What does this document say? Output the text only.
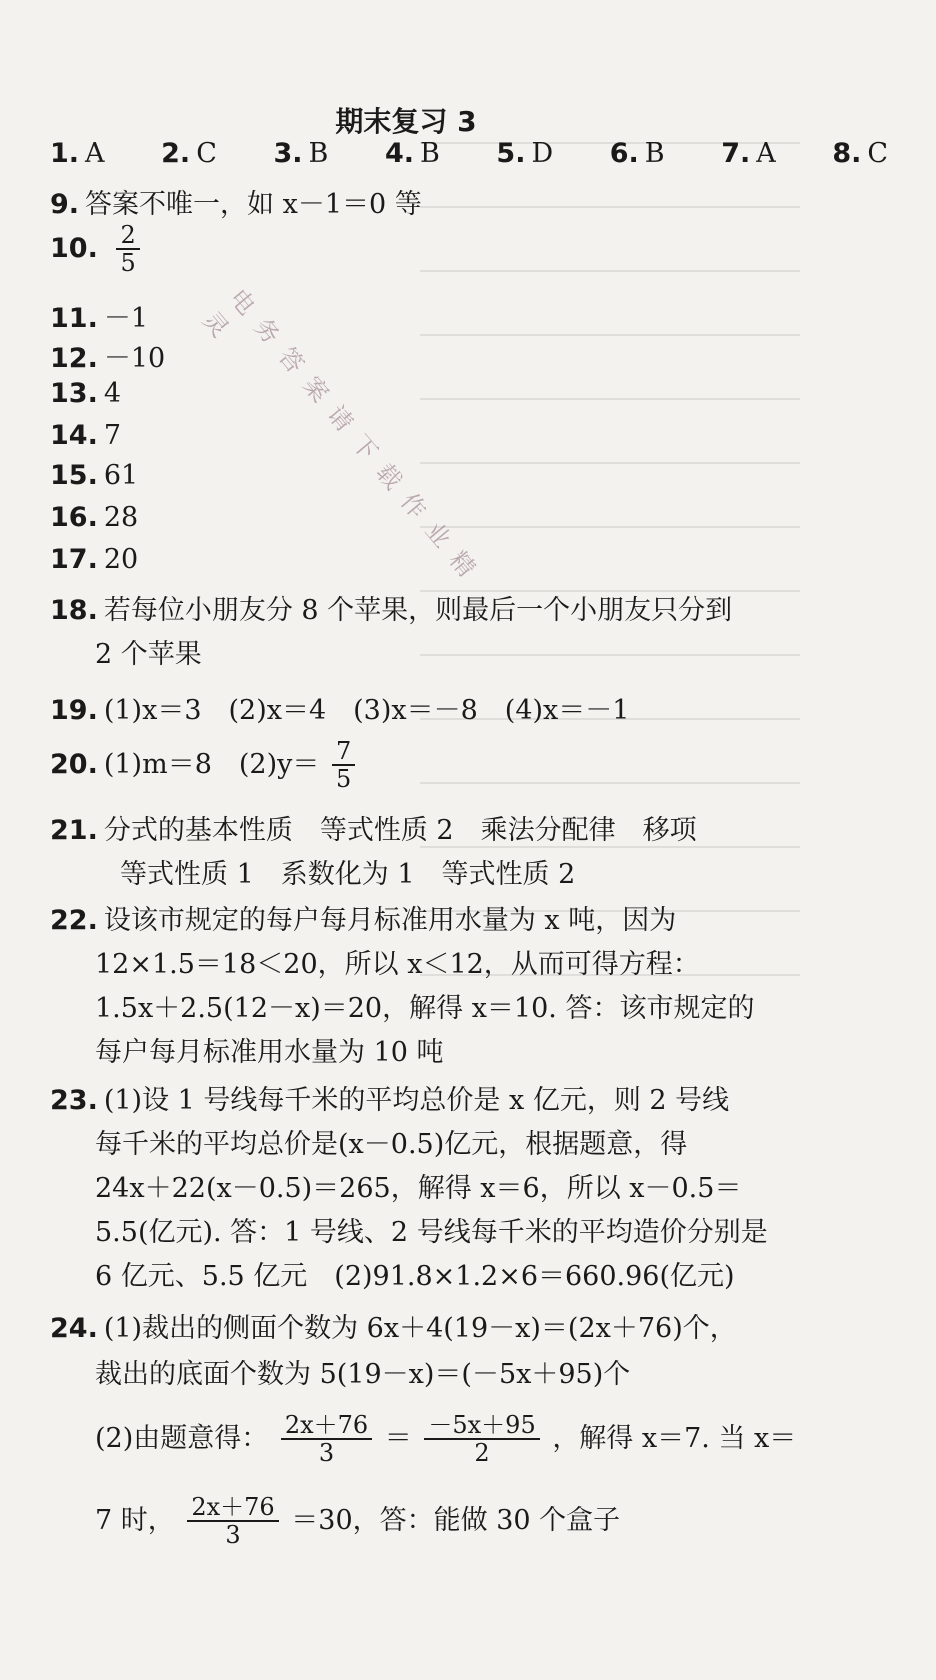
电务答案请下载作业精灵
期末复习 3
1. A 2. C 3. B 4. B 5. D 6. B 7. A 8. C
9. 答案不唯一，如 x－1＝0 等
10. $\frac{2}{5}$
11. －1
12. －10
13. 4
14. 7
15. 61
16. 28
17. 20
18. 若每位小朋友分 8 个苹果，则最后一个小朋友只分到
2 个苹果
19. (1)x＝3　(2)x＝4　(3)x＝－8　(4)x＝－1
20. (1)m＝8　$(2)y= \frac{7}{5}$
21. 分式的基本性质　等式性质 2　乘法分配律　移项
等式性质 1　系数化为 1　等式性质 2
22. 设该市规定的每户每月标准用水量为 x 吨，因为
12×1.5＝18＜20，所以 x＜12，从而可得方程：
1.5x＋2.5(12－x)＝20，解得 x＝10. 答：该市规定的
每户每月标准用水量为 10 吨
23. (1)设 1 号线每千米的平均总价是 x 亿元，则 2 号线
每千米的平均总价是(x－0.5)亿元，根据题意，得
24x＋22(x－0.5)＝265，解得 x＝6，所以 x－0.5＝
5.5(亿元). 答：1 号线、2 号线每千米的平均造价分别是
6 亿元、5.5 亿元　(2)91.8×1.2×6＝660.96(亿元)
24. (1)裁出的侧面个数为 6x＋4(19－x)＝(2x＋76)个，
裁出的底面个数为 5(19－x)＝(－5x＋95)个
(2)由题意得： $\frac{2x+76}{3} = \frac{-5x+95}{2}$ ，解得 x＝7. 当 x＝
7 时， $\frac{2x+76}{3} =30$，答：能做 30 个盒子
